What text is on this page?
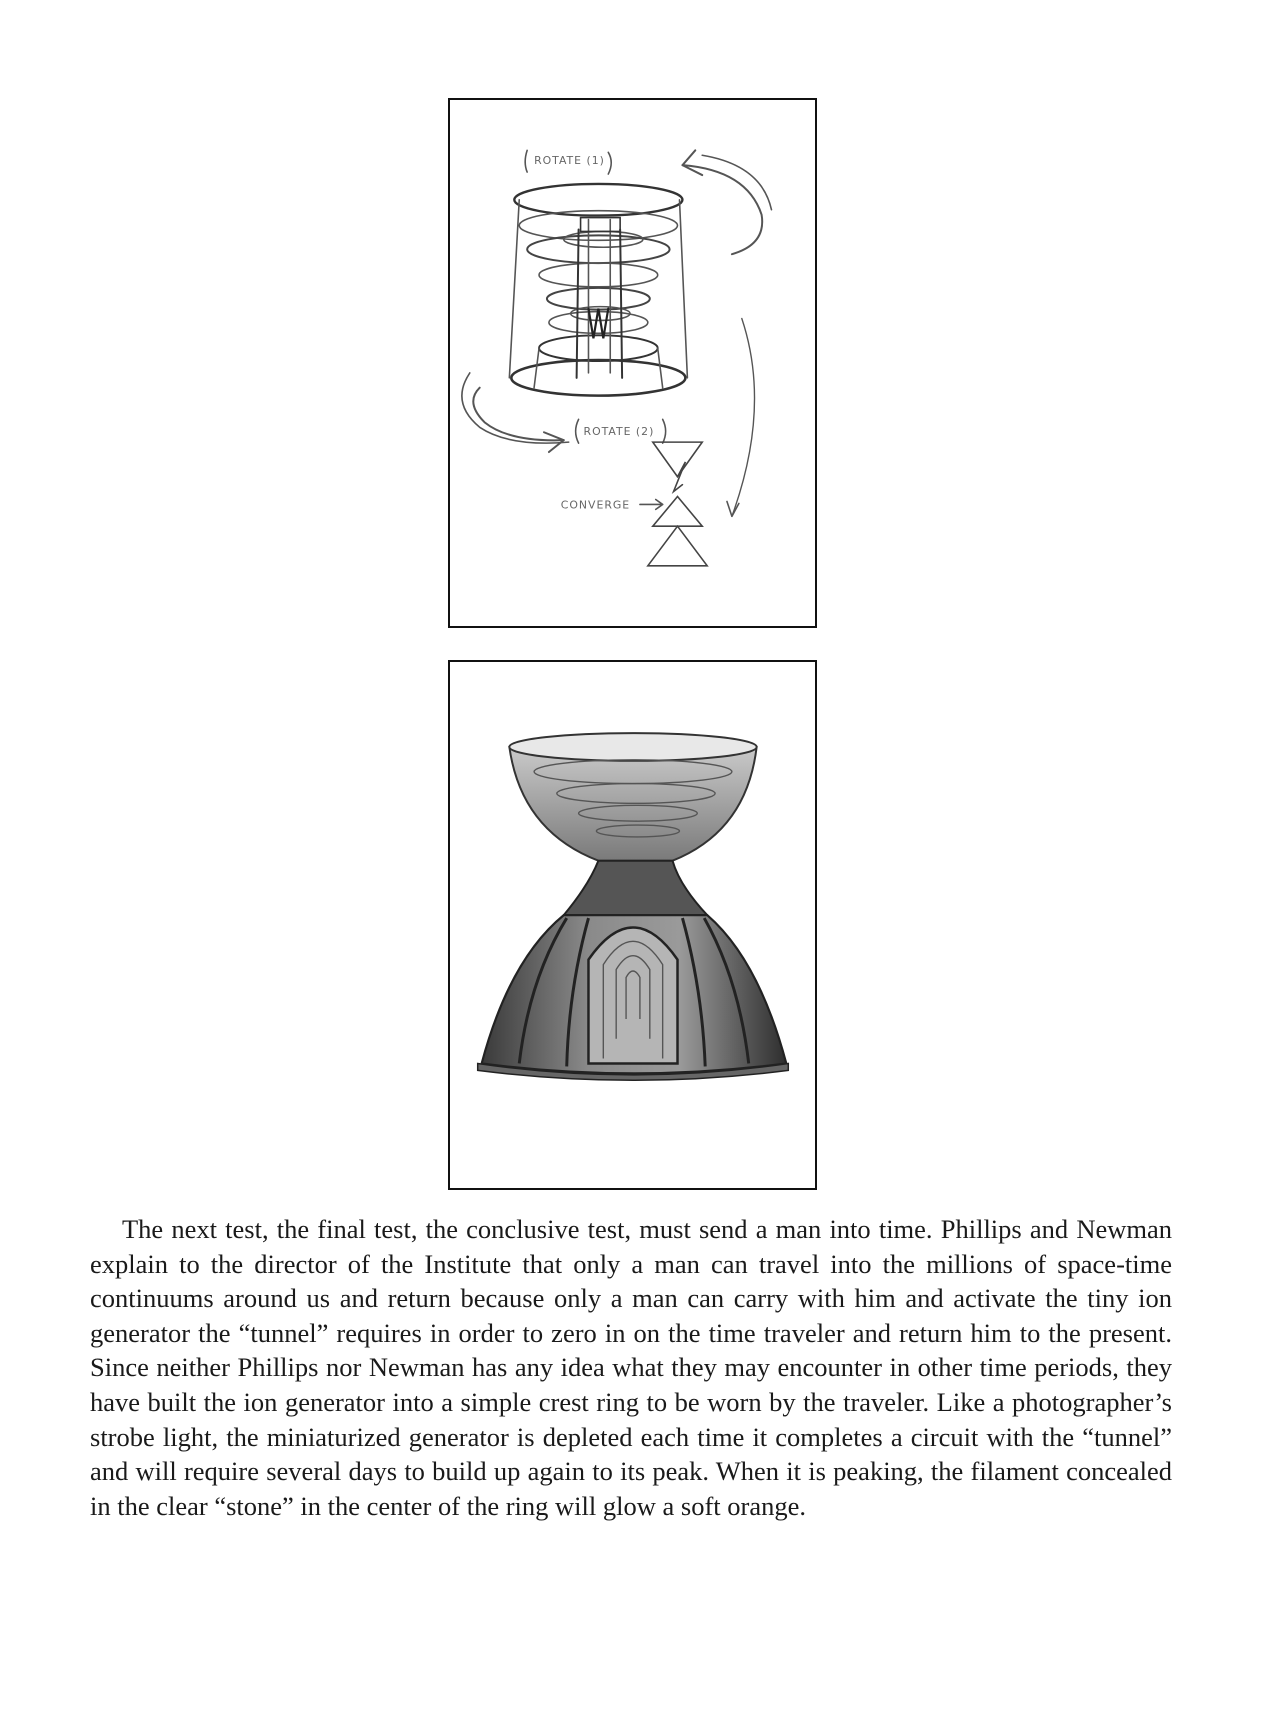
ROTATE (1)
ROTATE (2)
CONVERGE

The next test, the final test, the conclusive test, must send a man into time. Phillips and Newman explain to the director of the Institute that only a man can travel into the millions of space-time continuums around us and return because only a man can carry with him and activate the tiny ion generator the “tunnel” requires in order to zero in on the time traveler and return him to the present. Since neither Phillips nor Newman has any idea what they may encounter in other time periods, they have built the ion generator into a simple crest ring to be worn by the traveler. Like a photographer’s strobe light, the miniaturized generator is depleted each time it completes a circuit with the “tunnel” and will require several days to build up again to its peak. When it is peaking, the filament concealed in the clear “stone” in the center of the ring will glow a soft orange.
